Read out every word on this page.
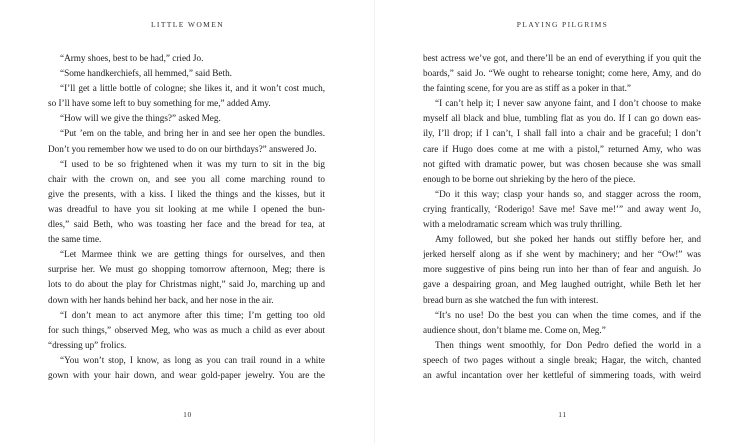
LITTLE WOMEN
“Army shoes, best to be had,” cried Jo.
“Some handkerchiefs, all hemmed,” said Beth.
“I’ll get a little bottle of cologne; she likes it, and it won’t cost much,
so I’ll have some left to buy something for me,” added Amy.
“How will we give the things?” asked Meg.
“Put ’em on the table, and bring her in and see her open the bundles.
Don’t you remember how we used to do on our birthdays?” answered Jo.
“I used to be so frightened when it was my turn to sit in the big
chair with the crown on, and see you all come marching round to
give the presents, with a kiss. I liked the things and the kisses, but it
was dreadful to have you sit looking at me while I opened the bun-
dles,” said Beth, who was toasting her face and the bread for tea, at
the same time.
“Let Marmee think we are getting things for ourselves, and then
surprise her. We must go shopping tomorrow afternoon, Meg; there is
lots to do about the play for Christmas night,” said Jo, marching up and
down with her hands behind her back, and her nose in the air.
“I don’t mean to act anymore after this time; I’m getting too old
for such things,” observed Meg, who was as much a child as ever about
“dressing up” frolics.
“You won’t stop, I know, as long as you can trail round in a white
gown with your hair down, and wear gold-paper jewelry. You are the
10
PLAYING PILGRIMS
best actress we’ve got, and there’ll be an end of everything if you quit the
boards,” said Jo. “We ought to rehearse tonight; come here, Amy, and do
the fainting scene, for you are as stiff as a poker in that.”
“I can’t help it; I never saw anyone faint, and I don’t choose to make
myself all black and blue, tumbling flat as you do. If I can go down eas-
ily, I’ll drop; if I can’t, I shall fall into a chair and be graceful; I don’t
care if Hugo does come at me with a pistol,” returned Amy, who was
not gifted with dramatic power, but was chosen because she was small
enough to be borne out shrieking by the hero of the piece.
“Do it this way; clasp your hands so, and stagger across the room,
crying frantically, ‘Roderigo! Save me! Save me!’” and away went Jo,
with a melodramatic scream which was truly thrilling.
Amy followed, but she poked her hands out stiffly before her, and
jerked herself along as if she went by machinery; and her “Ow!” was
more suggestive of pins being run into her than of fear and anguish. Jo
gave a despairing groan, and Meg laughed outright, while Beth let her
bread burn as she watched the fun with interest.
“It’s no use! Do the best you can when the time comes, and if the
audience shout, don’t blame me. Come on, Meg.”
Then things went smoothly, for Don Pedro defied the world in a
speech of two pages without a single break; Hagar, the witch, chanted
an awful incantation over her kettleful of simmering toads, with weird
11
